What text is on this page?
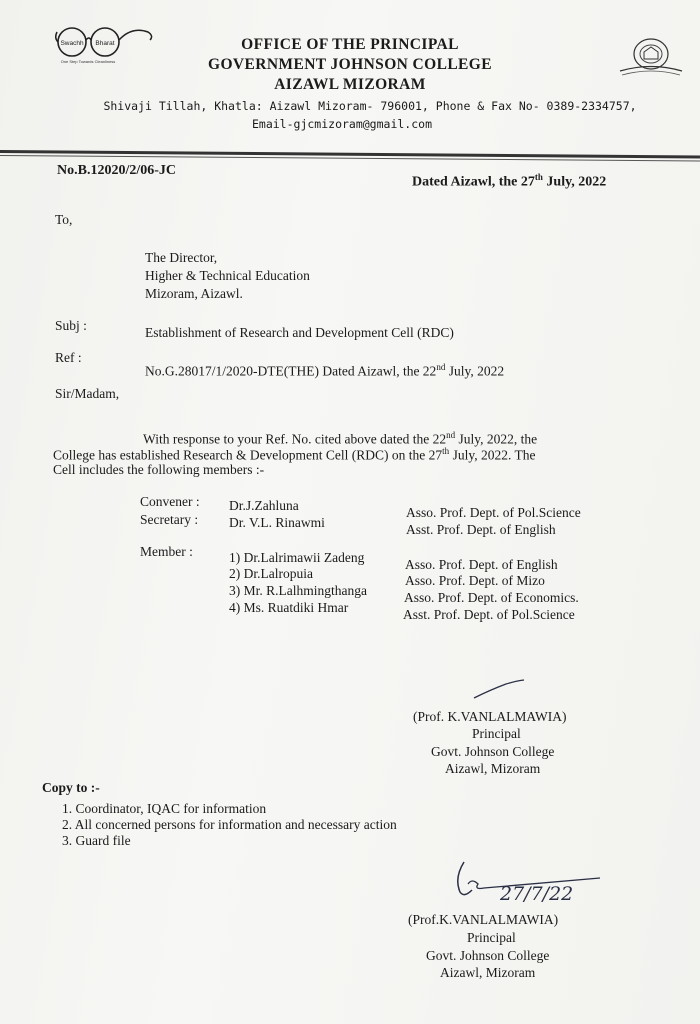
Swachh Bharat
One Step Towards Cleanliness
OFFICE OF THE PRINCIPAL
GOVERNMENT JOHNSON COLLEGE
AIZAWL MIZORAM
Shivaji Tillah, Khatla: Aizawl Mizoram- 796001, Phone & Fax No- 0389-2334757,
Email-gjcmizoram@gmail.com
No.B.12020/2/06-JC
Dated Aizawl, the 27th July, 2022
To,
The Director,
Higher & Technical Education
Mizoram, Aizawl.
Subj :	Establishment of Research and Development Cell (RDC)
Ref :
No.G.28017/1/2020-DTE(THE) Dated Aizawl, the 22nd July, 2022
Sir/Madam,
With response to your Ref. No. cited above dated the 22nd July, 2022, the
College has established Research & Development Cell (RDC) on the 27th July, 2022. The
Cell includes the following members :-
Convener : Dr.J.Zahluna	Asso. Prof. Dept. of Pol.Science
Secretary : Dr. V.L. Rinawmi	Asst. Prof. Dept. of English
Member :	1) Dr.Lalrimawii Zadeng	Asso. Prof. Dept. of English
2) Dr.Lalropuia	Asso. Prof. Dept. of Mizo
3) Mr. R.Lalhmingthanga	Asso. Prof. Dept. of Economics.
4) Ms. Ruatdiki Hmar	Asst. Prof. Dept. of Pol.Science
(Prof. K.VANLALMAWIA)
Principal
Govt. Johnson College
Aizawl, Mizoram
Copy to :-
1. Coordinator, IQAC for information
2. All concerned persons for information and necessary action
3. Guard file
27/7/22
(Prof.K.VANLALMAWIA)
Principal
Govt. Johnson College
Aizawl, Mizoram
